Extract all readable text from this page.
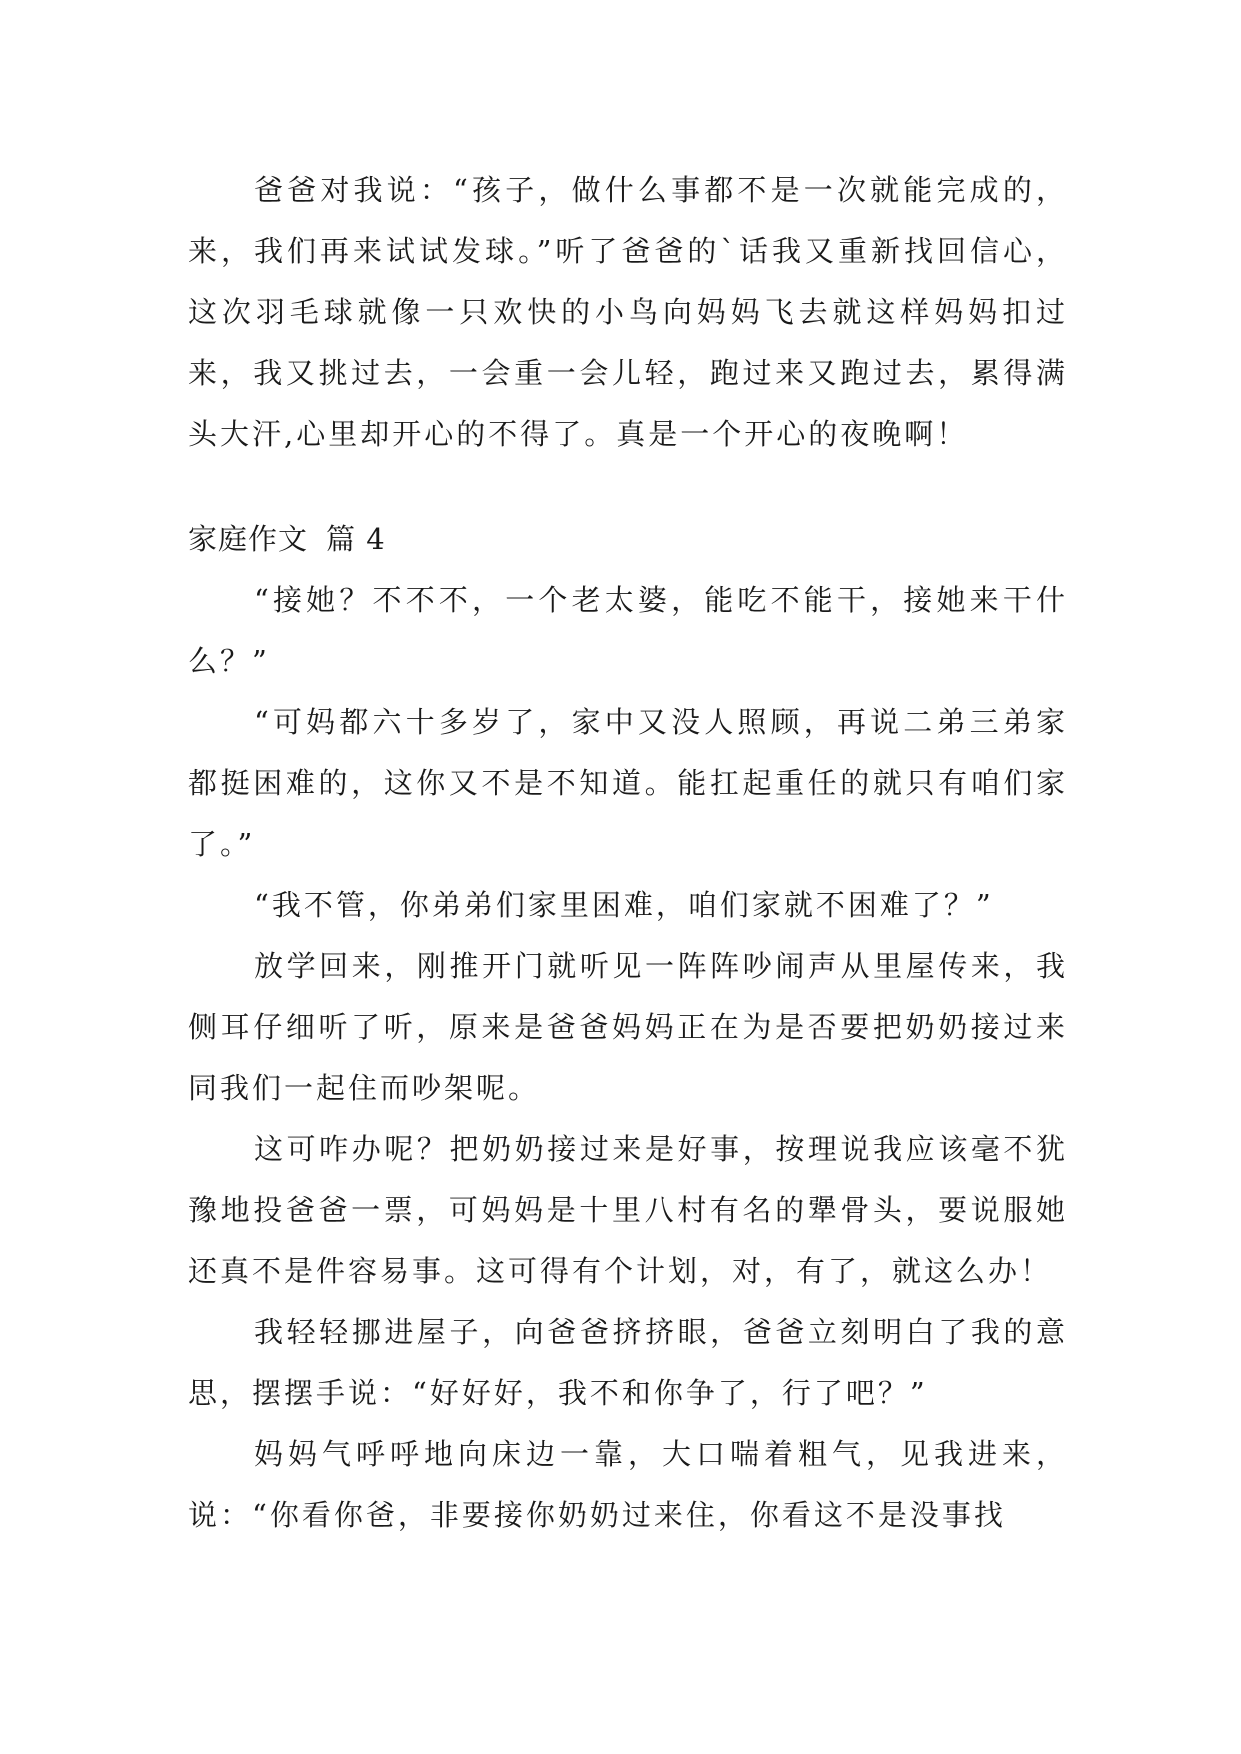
爸爸对我说：“孩子，做什么事都不是一次就能完成的，来，我们再来试试发球。”听了爸爸的`话我又重新找回信心，这次羽毛球就像一只欢快的小鸟向妈妈飞去就这样妈妈扣过来，我又挑过去，一会重一会儿轻，跑过来又跑过去，累得满头大汗,心里却开心的不得了。真是一个开心的夜晚啊！

家庭作文 篇 4

“接她？不不不，一个老太婆，能吃不能干，接她来干什么？”

“可妈都六十多岁了，家中又没人照顾，再说二弟三弟家都挺困难的，这你又不是不知道。能扛起重任的就只有咱们家了。”

“我不管，你弟弟们家里困难，咱们家就不困难了？”

放学回来，刚推开门就听见一阵阵吵闹声从里屋传来，我侧耳仔细听了听，原来是爸爸妈妈正在为是否要把奶奶接过来同我们一起住而吵架呢。

这可咋办呢？把奶奶接过来是好事，按理说我应该毫不犹豫地投爸爸一票，可妈妈是十里八村有名的犟骨头，要说服她还真不是件容易事。这可得有个计划，对，有了，就这么办！

我轻轻挪进屋子，向爸爸挤挤眼，爸爸立刻明白了我的意思，摆摆手说：“好好好，我不和你争了，行了吧？”

妈妈气呼呼地向床边一靠，大口喘着粗气，见我进来，说：“你看你爸，非要接你奶奶过来住，你看这不是没事找
